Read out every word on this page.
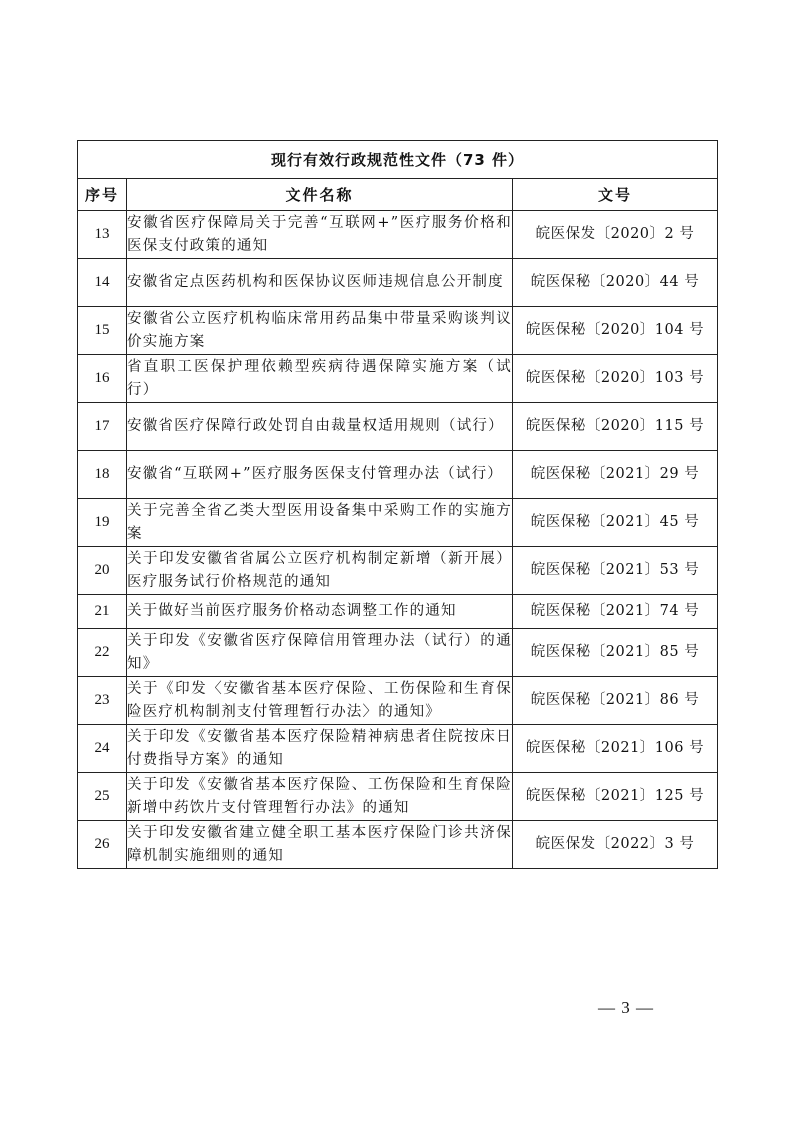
现行有效行政规范性文件（73 件）		
序号	文件名称	文号
13	安徽省医疗保障局关于完善“互联网+”医疗服务价格和医保支付政策的通知	皖医保发〔2020〕2 号
14	安徽省定点医药机构和医保协议医师违规信息公开制度	皖医保秘〔2020〕44 号
15	安徽省公立医疗机构临床常用药品集中带量采购谈判议价实施方案	皖医保秘〔2020〕104 号
16	省直职工医保护理依赖型疾病待遇保障实施方案（试行）	皖医保秘〔2020〕103 号
17	安徽省医疗保障行政处罚自由裁量权适用规则（试行）	皖医保秘〔2020〕115 号
18	安徽省“互联网+”医疗服务医保支付管理办法（试行）	皖医保秘〔2021〕29 号
19	关于完善全省乙类大型医用设备集中采购工作的实施方案	皖医保秘〔2021〕45 号
20	关于印发安徽省省属公立医疗机构制定新增（新开展）医疗服务试行价格规范的通知	皖医保秘〔2021〕53 号
21	关于做好当前医疗服务价格动态调整工作的通知	皖医保秘〔2021〕74 号
22	关于印发《安徽省医疗保障信用管理办法（试行）的通知》	皖医保秘〔2021〕85 号
23	关于《印发〈安徽省基本医疗保险、工伤保险和生育保险医疗机构制剂支付管理暂行办法〉的通知》	皖医保秘〔2021〕86 号
24	关于印发《安徽省基本医疗保险精神病患者住院按床日付费指导方案》的通知	皖医保秘〔2021〕106 号
25	关于印发《安徽省基本医疗保险、工伤保险和生育保险新增中药饮片支付管理暂行办法》的通知	皖医保秘〔2021〕125 号
26	关于印发安徽省建立健全职工基本医疗保险门诊共济保障机制实施细则的通知	皖医保发〔2022〕3 号
— 3 —
